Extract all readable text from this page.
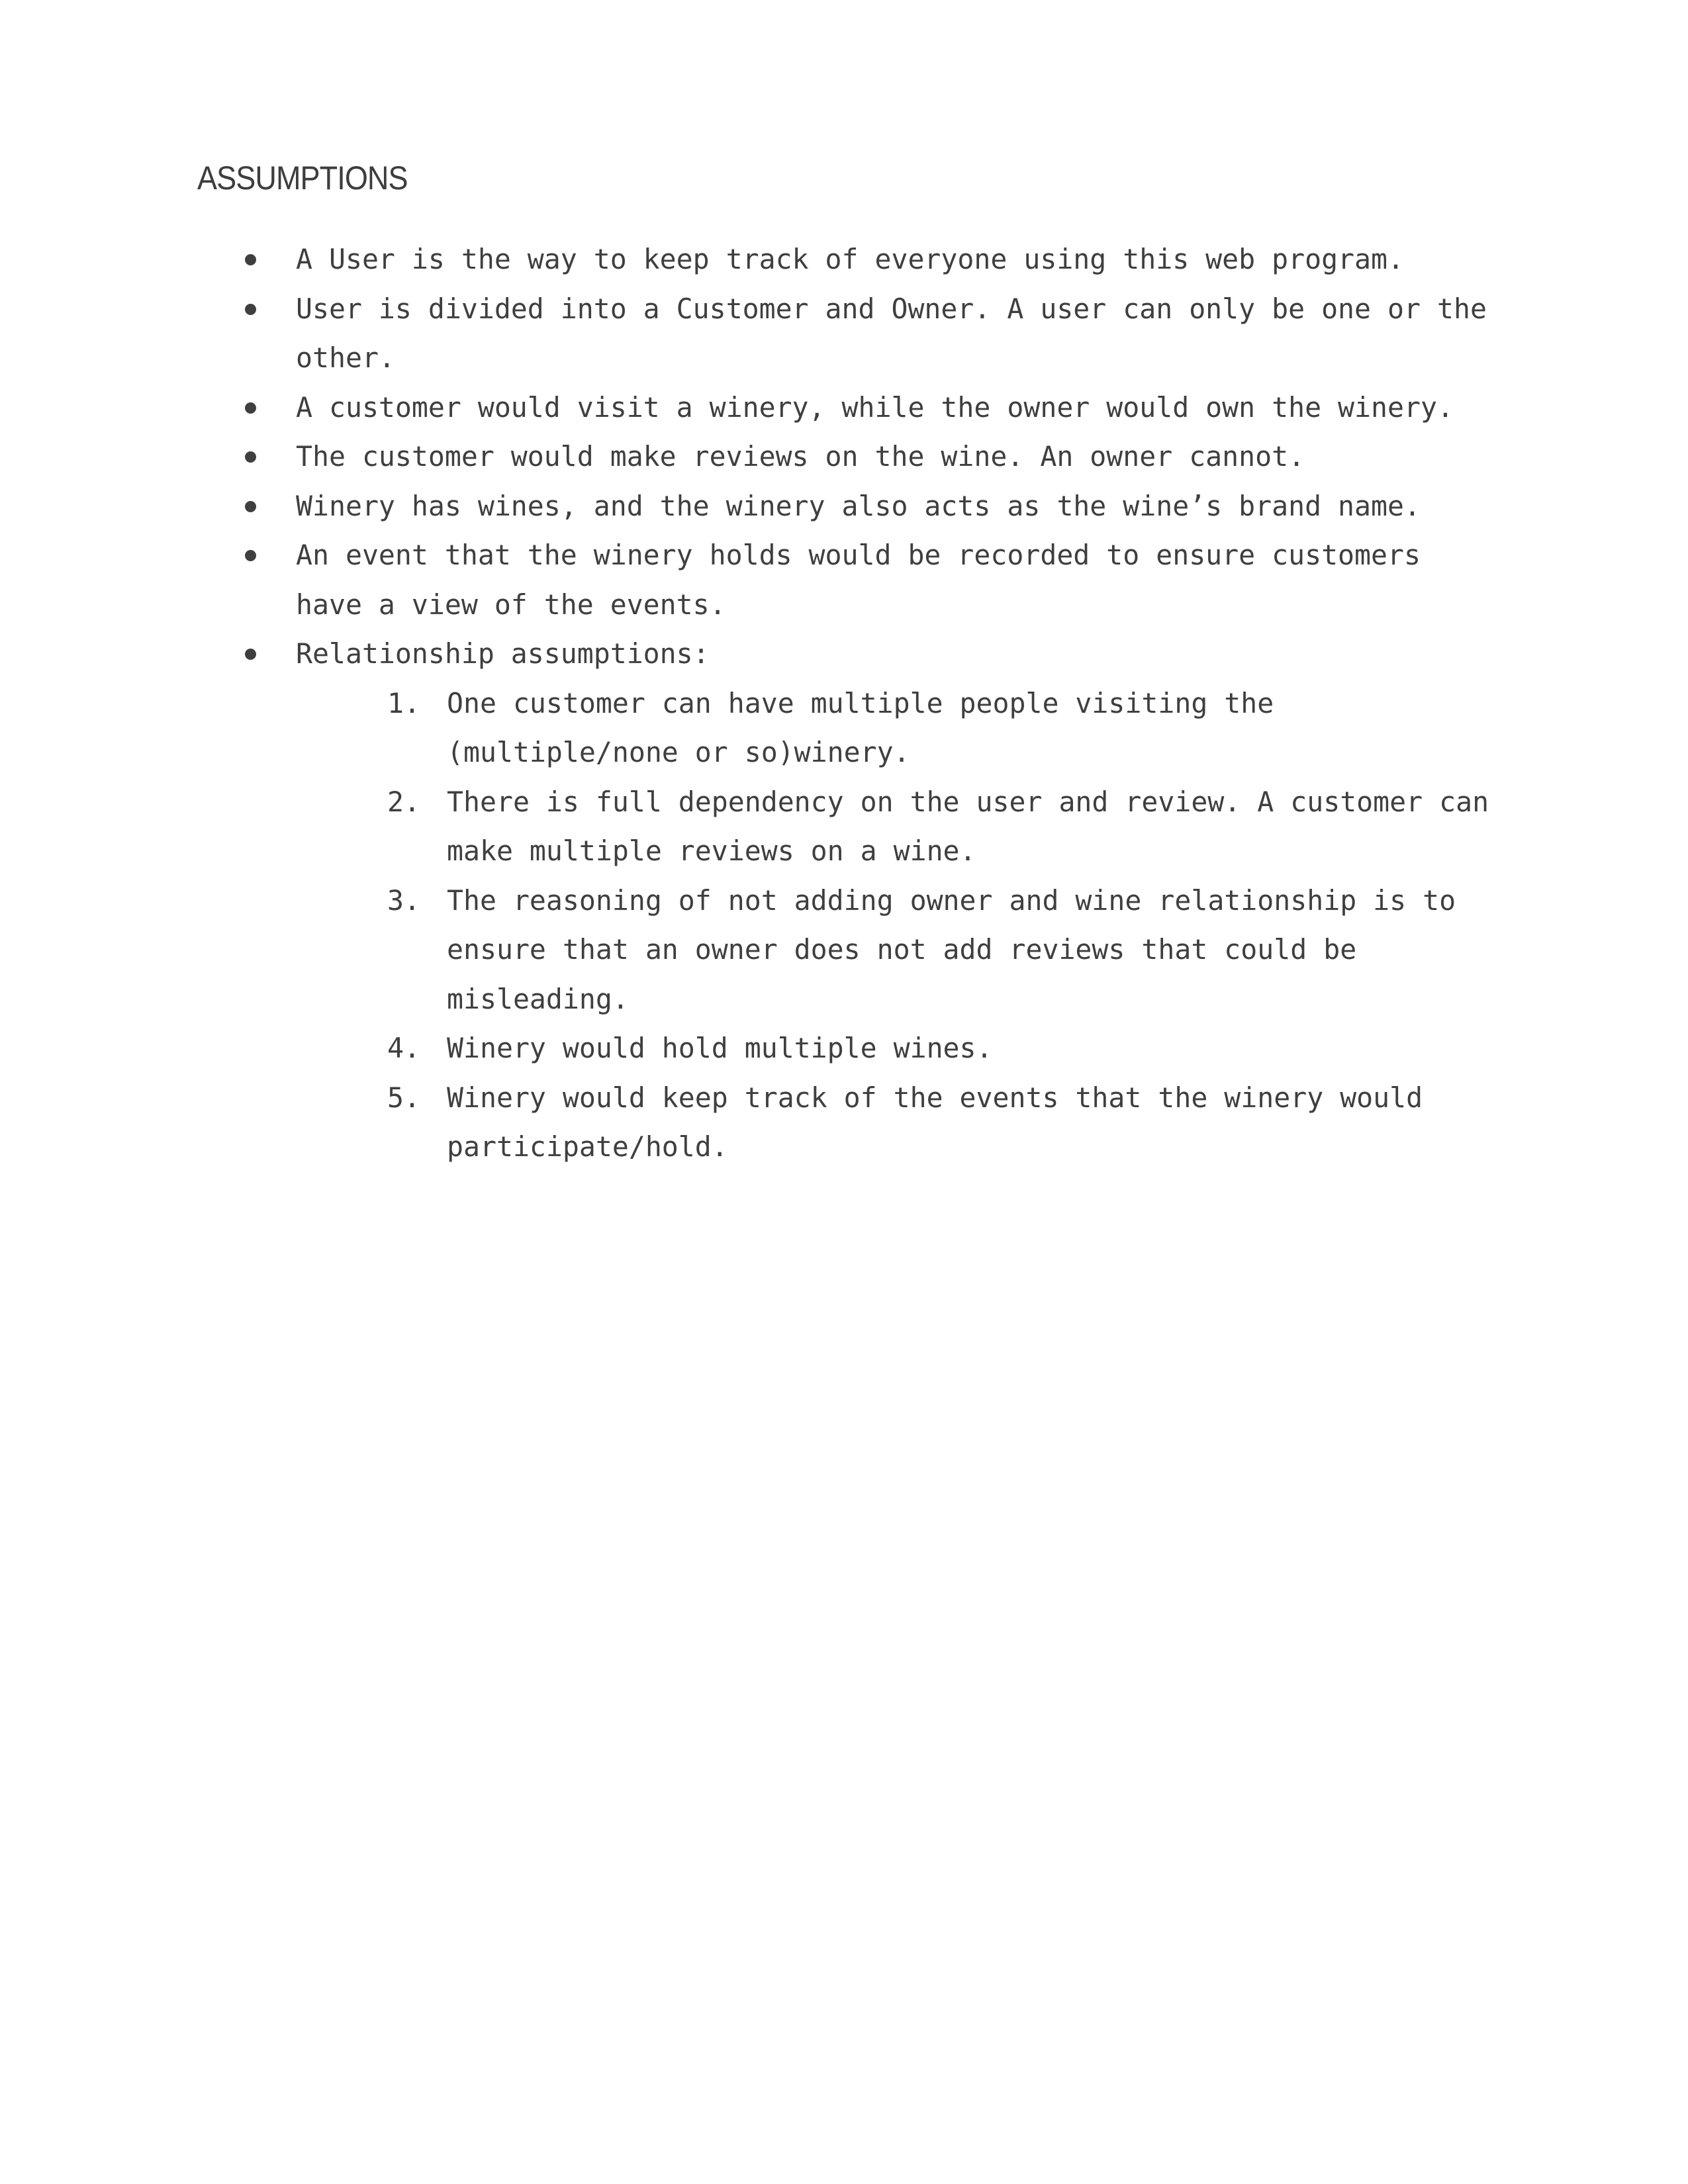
ASSUMPTIONS
A User is the way to keep track of everyone using this web program.
User is divided into a Customer and Owner. A user can only be one or the other.
A customer would visit a winery, while the owner would own the winery.
The customer would make reviews on the wine. An owner cannot.
Winery has wines, and the winery also acts as the wine’s brand name.
An event that the winery holds would be recorded to ensure customers have a view of the events.
Relationship assumptions:
1. One customer can have multiple people visiting the (multiple/none or so)winery.
2. There is full dependency on the user and review. A customer can make multiple reviews on a wine.
3. The reasoning of not adding owner and wine relationship is to ensure that an owner does not add reviews that could be misleading.
4. Winery would hold multiple wines.
5. Winery would keep track of the events that the winery would participate/hold.
